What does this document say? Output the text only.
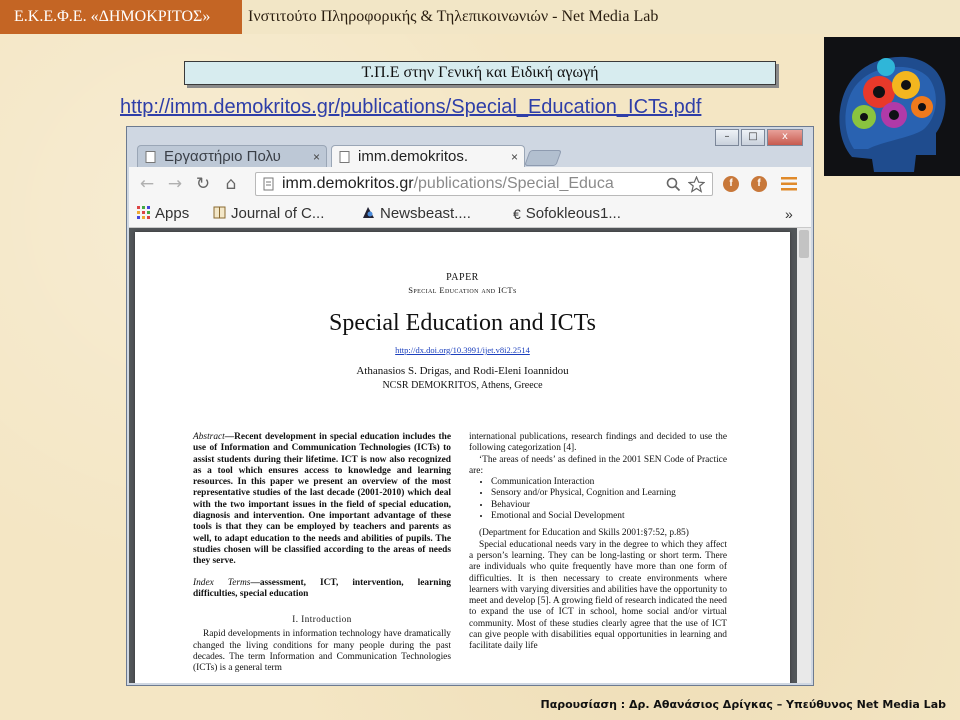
Ε.Κ.Ε.Φ.Ε. «ΔΗΜΟΚΡΙΤΟΣ»	Ινστιτούτο Πληροφορικής & Τηλεπικοινωνιών - Net Media Lab
Τ.Π.Ε στην Γενική και Ειδική αγωγή
http://imm.demokritos.gr/publications/Special_Education_ICTs.pdf
–	□	x
Εργαστήριο Πολυ	×	imm.demokritos.	×
← → ↻ ⌂	imm.demokritos.gr/publications/Special_Educa	f	f
Apps	Journal of C...	Newsbeast....	€ Sofokleous1...	»
PAPER
Special Education and ICTs
Special Education and ICTs
http://dx.doi.org/10.3991/ijet.v8i2.2514
Athanasios S. Drigas, and Rodi-Eleni Ioannidou
NCSR DEMOKRITOS, Athens, Greece

Abstract—Recent development in special education includes the use of Information and Communication Technologies (ICTs) to assist students during their lifetime. ICT is now also recognized as a tool which ensures access to knowledge and learning resources. In this paper we present an overview of the most representative studies of the last decade (2001-2010) which deal with the two important issues in the field of special education, diagnosis and intervention. One important advantage of these tools is that they can be employed by teachers and parents as well, to adapt education to the needs and abilities of pupils. The studies chosen will be classified according to the areas of needs they serve.

Index Terms—assessment, ICT, intervention, learning difficulties, special education

I. Introduction

Rapid developments in information technology have dramatically changed the living conditions for many people during the past decades. The term Information and Communication Technologies (ICTs) is a general term

international publications, research findings and decided to use the following categorization [4].

‘The areas of needs’ as defined in the 2001 SEN Code of Practice are:

• Communication Interaction
• Sensory and/or Physical, Cognition and Learning
• Behaviour
• Emotional and Social Development

(Department for Education and Skills 2001:§7:52, p.85)

Special educational needs vary in the degree to which they affect a person’s learning. They can be long-lasting or short term. There are individuals who quite frequently have more than one form of difficulties. It is then necessary to create environments where learners with varying diversities and abilities have the opportunity to meet and develop [5]. A growing field of research indicated the need to expand the use of ICT in school, home social and/or virtual community. Most of these studies clearly agree that the use of ICT can give people with disabilities equal opportunities in learning and facilitate daily life

Παρουσίαση : Δρ. Αθανάσιος Δρίγκας – Υπεύθυνος Net Media Lab
